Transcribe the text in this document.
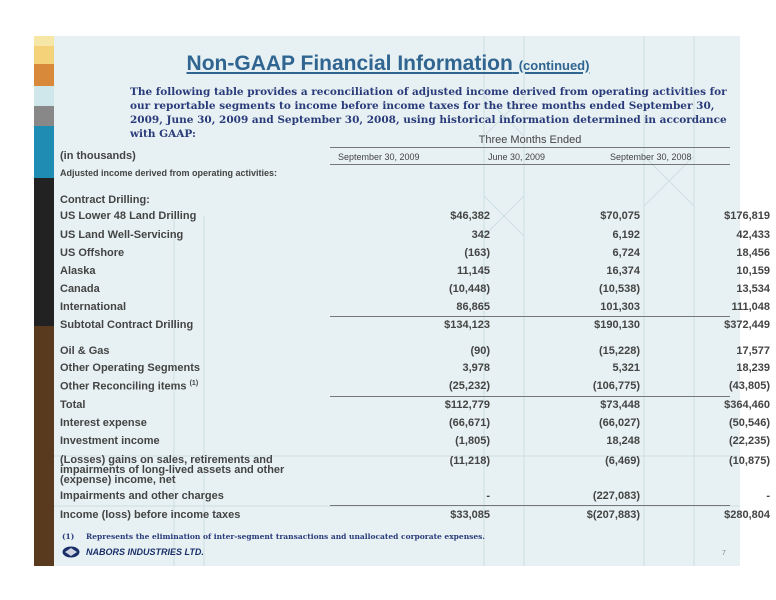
Non-GAAP Financial Information (continued)
The following table provides a reconciliation of adjusted income derived from operating activities for our reportable segments to income before income taxes for the three months ended September 30, 2009, June 30, 2009 and September 30, 2008, using historical information determined in accordance with GAAP:	Three Months Ended
(in thousands)	September 30, 2009	June 30, 2009	September 30, 2008
Adjusted income derived from operating activities:
Contract Drilling:
US Lower 48 Land Drilling	$46,382	$70,075	$176,819
US Land Well-Servicing	342	6,192	42,433
US Offshore	(163)	6,724	18,456
Alaska	11,145	16,374	10,159
Canada	(10,448)	(10,538)	13,534
International	86,865	101,303	111,048
Subtotal Contract Drilling	$134,123	$190,130	$372,449
Oil & Gas	(90)	(15,228)	17,577
Other Operating Segments	3,978	5,321	18,239
Other Reconciling items $^{(1)}$	(25,232)	(106,775)	(43,805)
Total	$112,779	$73,448	$364,460
Interest expense	(66,671)	(66,027)	(50,546)
Investment income	(1,805)	18,248	(22,235)
(Losses) gains on sales, retirements and impairments of long-lived assets and other (expense) income, net
(11,218)	(6,469)	(10,875)
Impairments and other charges	-	(227,083)	-
Income (loss) before income taxes	$33,085	$(207,883)	$280,804
(1) Represents the elimination of inter-segment transactions and unallocated corporate expenses.
NABORS INDUSTRIES LTD.	7
